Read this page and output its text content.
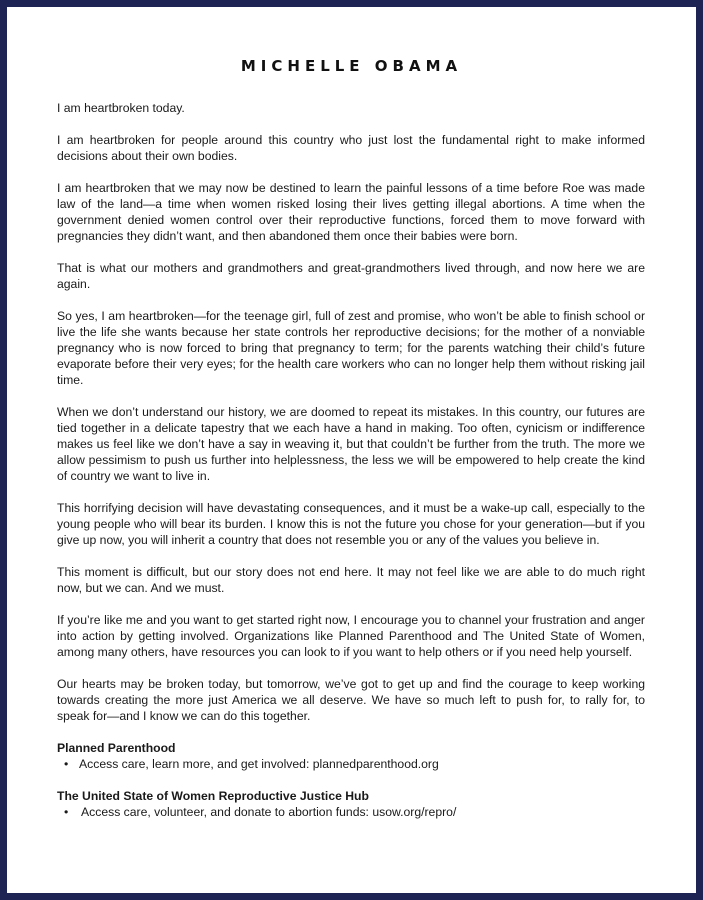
MICHELLE OBAMA

I am heartbroken today.

I am heartbroken for people around this country who just lost the fundamental right to make informed decisions about their own bodies.

I am heartbroken that we may now be destined to learn the painful lessons of a time before Roe was made law of the land—a time when women risked losing their lives getting illegal abortions. A time when the government denied women control over their reproductive functions, forced them to move forward with pregnancies they didn’t want, and then abandoned them once their babies were born.

That is what our mothers and grandmothers and great-grandmothers lived through, and now here we are again.

So yes, I am heartbroken—for the teenage girl, full of zest and promise, who won’t be able to finish school or live the life she wants because her state controls her reproductive decisions; for the mother of a nonviable pregnancy who is now forced to bring that pregnancy to term; for the parents watching their child’s future evaporate before their very eyes; for the health care workers who can no longer help them without risking jail time.

When we don’t understand our history, we are doomed to repeat its mistakes. In this country, our futures are tied together in a delicate tapestry that we each have a hand in making. Too often, cynicism or indifference makes us feel like we don’t have a say in weaving it, but that couldn’t be further from the truth. The more we allow pessimism to push us further into helplessness, the less we will be empowered to help create the kind of country we want to live in.

This horrifying decision will have devastating consequences, and it must be a wake-up call, especially to the young people who will bear its burden. I know this is not the future you chose for your generation—but if you give up now, you will inherit a country that does not resemble you or any of the values you believe in.

This moment is difficult, but our story does not end here. It may not feel like we are able to do much right now, but we can. And we must.

If you’re like me and you want to get started right now, I encourage you to channel your frustration and anger into action by getting involved. Organizations like Planned Parenthood and The United State of Women, among many others, have resources you can look to if you want to help others or if you need help yourself.

Our hearts may be broken today, but tomorrow, we’ve got to get up and find the courage to keep working towards creating the more just America we all deserve. We have so much left to push for, to rally for, to speak for—and I know we can do this together.

Planned Parenthood
• Access care, learn more, and get involved: plannedparenthood.org
The United State of Women Reproductive Justice Hub
• Access care, volunteer, and donate to abortion funds: usow.org/repro/
